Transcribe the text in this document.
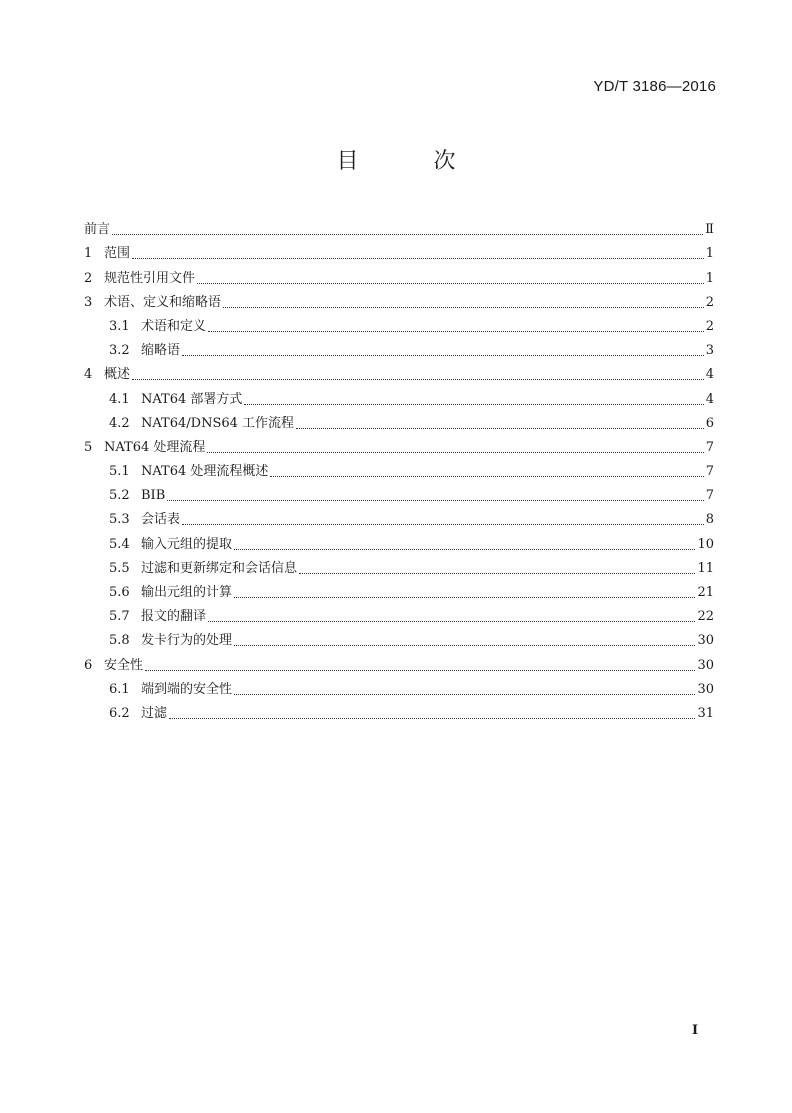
YD/T 3186—2016
目 次
前言	Ⅱ
1 范围	1
2 规范性引用文件	1
3 术语、定义和缩略语	2
3.1 术语和定义	2
3.2 缩略语	3
4 概述	4
4.1 NAT64 部署方式	4
4.2 NAT64/DNS64 工作流程	6
5 NAT64 处理流程	7
5.1 NAT64 处理流程概述	7
5.2 BIB	7
5.3 会话表	8
5.4 输入元组的提取	10
5.5 过滤和更新绑定和会话信息	11
5.6 输出元组的计算	21
5.7 报文的翻译	22
5.8 发卡行为的处理	30
6 安全性	30
6.1 端到端的安全性	30
6.2 过滤	31
I
